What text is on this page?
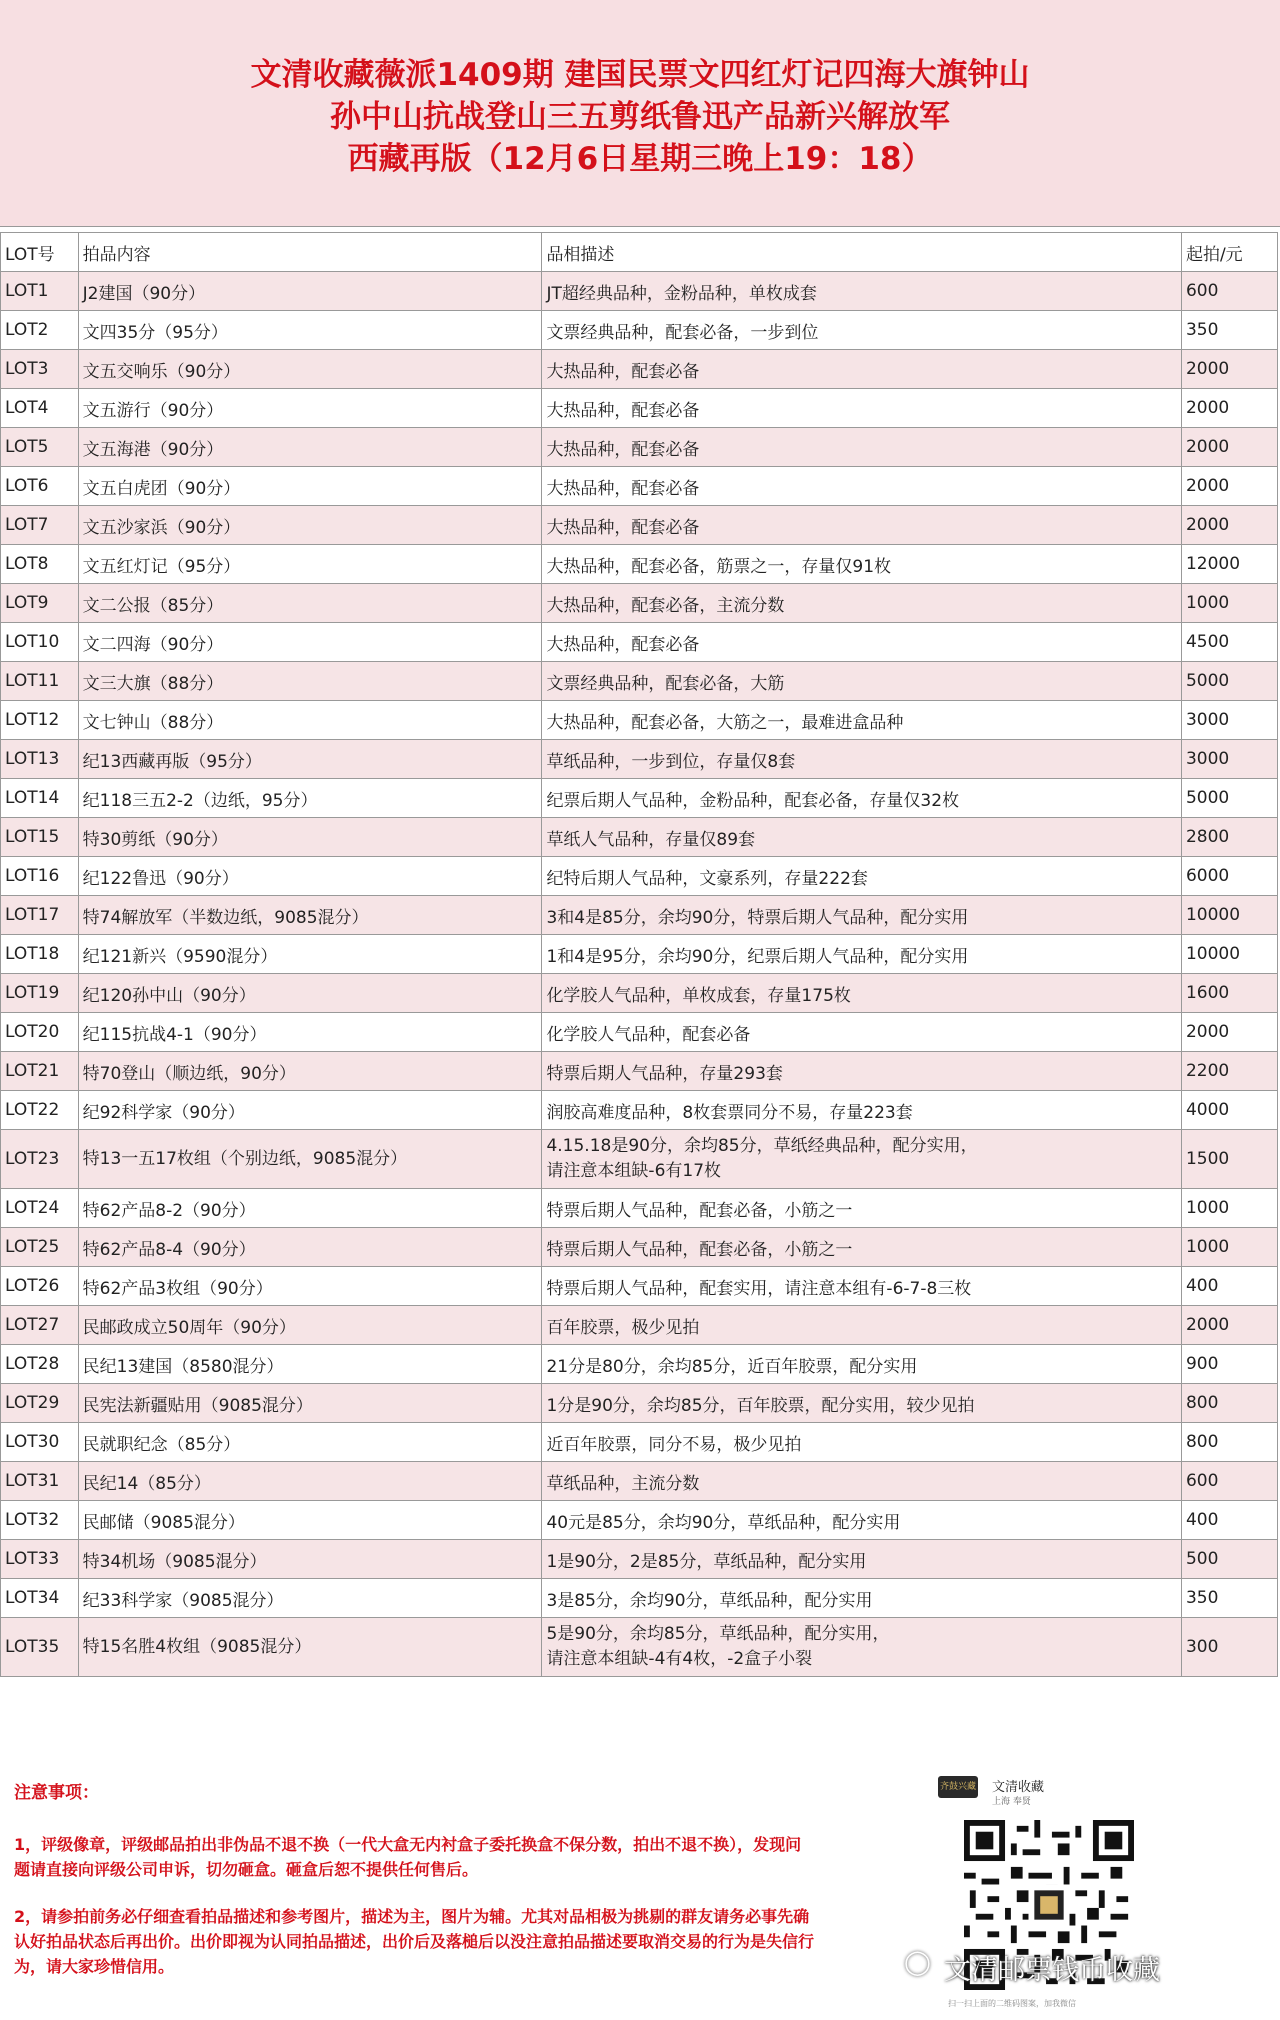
文清收藏薇派1409期 建国民票文四红灯记四海大旗钟山
孙中山抗战登山三五剪纸鲁迅产品新兴解放军
西藏再版（12月6日星期三晚上19：18）
LOT号	拍品内容	品相描述	起拍/元
LOT1	J2建国（90分）	JT超经典品种，金粉品种，单枚成套	600
LOT2	文四35分（95分）	文票经典品种，配套必备，一步到位	350
LOT3	文五交响乐（90分）	大热品种，配套必备	2000
LOT4	文五游行（90分）	大热品种，配套必备	2000
LOT5	文五海港（90分）	大热品种，配套必备	2000
LOT6	文五白虎团（90分）	大热品种，配套必备	2000
LOT7	文五沙家浜（90分）	大热品种，配套必备	2000
LOT8	文五红灯记（95分）	大热品种，配套必备，筋票之一，存量仅91枚	12000
LOT9	文二公报（85分）	大热品种，配套必备，主流分数	1000
LOT10	文二四海（90分）	大热品种，配套必备	4500
LOT11	文三大旗（88分）	文票经典品种，配套必备，大筋	5000
LOT12	文七钟山（88分）	大热品种，配套必备，大筋之一，最难进盒品种	3000
LOT13	纪13西藏再版（95分）	草纸品种，一步到位，存量仅8套	3000
LOT14	纪118三五2-2（边纸，95分）	纪票后期人气品种，金粉品种，配套必备，存量仅32枚	5000
LOT15	特30剪纸（90分）	草纸人气品种，存量仅89套	2800
LOT16	纪122鲁迅（90分）	纪特后期人气品种，文豪系列，存量222套	6000
LOT17	特74解放军（半数边纸，9085混分）	3和4是85分，余均90分，特票后期人气品种，配分实用	10000
LOT18	纪121新兴（9590混分）	1和4是95分，余均90分，纪票后期人气品种，配分实用	10000
LOT19	纪120孙中山（90分）	化学胶人气品种，单枚成套，存量175枚	1600
LOT20	纪115抗战4-1（90分）	化学胶人气品种，配套必备	2000
LOT21	特70登山（顺边纸，90分）	特票后期人气品种，存量293套	2200
LOT22	纪92科学家（90分）	润胶高难度品种，8枚套票同分不易，存量223套	4000
LOT23	特13一五17枚组（个别边纸，9085混分）	4.15.18是90分，余均85分，草纸经典品种，配分实用，
请注意本组缺-6有17枚	1500
LOT24	特62产品8-2（90分）	特票后期人气品种，配套必备，小筋之一	1000
LOT25	特62产品8-4（90分）	特票后期人气品种，配套必备，小筋之一	1000
LOT26	特62产品3枚组（90分）	特票后期人气品种，配套实用，请注意本组有-6-7-8三枚	400
LOT27	民邮政成立50周年（90分）	百年胶票，极少见拍	2000
LOT28	民纪13建国（8580混分）	21分是80分，余均85分，近百年胶票，配分实用	900
LOT29	民宪法新疆贴用（9085混分）	1分是90分，余均85分，百年胶票，配分实用，较少见拍	800
LOT30	民就职纪念（85分）	近百年胶票，同分不易，极少见拍	800
LOT31	民纪14（85分）	草纸品种，主流分数	600
LOT32	民邮储（9085混分）	40元是85分，余均90分，草纸品种，配分实用	400
LOT33	特34机场（9085混分）	1是90分，2是85分，草纸品种，配分实用	500
LOT34	纪33科学家（9085混分）	3是85分，余均90分，草纸品种，配分实用	350
LOT35	特15名胜4枚组（9085混分）	5是90分，余均85分，草纸品种，配分实用，
请注意本组缺-4有4枚，-2盒子小裂	300
注意事项：
1，评级像章，评级邮品拍出非伪品不退不换（一代大盒无内衬盒子委托换盒不保分数，拍出不退不换），发现问题请直接向评级公司申诉，切勿砸盒。砸盒后恕不提供任何售后。
2，请参拍前务必仔细查看拍品描述和参考图片，描述为主，图片为辅。尤其对品相极为挑剔的群友请务必事先确认好拍品状态后再出价。出价即视为认同拍品描述，出价后及落槌后以没注意拍品描述要取消交易的行为是失信行为，请大家珍惜信用。
齐鼓兴藏 文清收藏
上海 奉贤
扫一扫上面的二维码图案，加我微信
◯ 文清邮票钱币收藏
